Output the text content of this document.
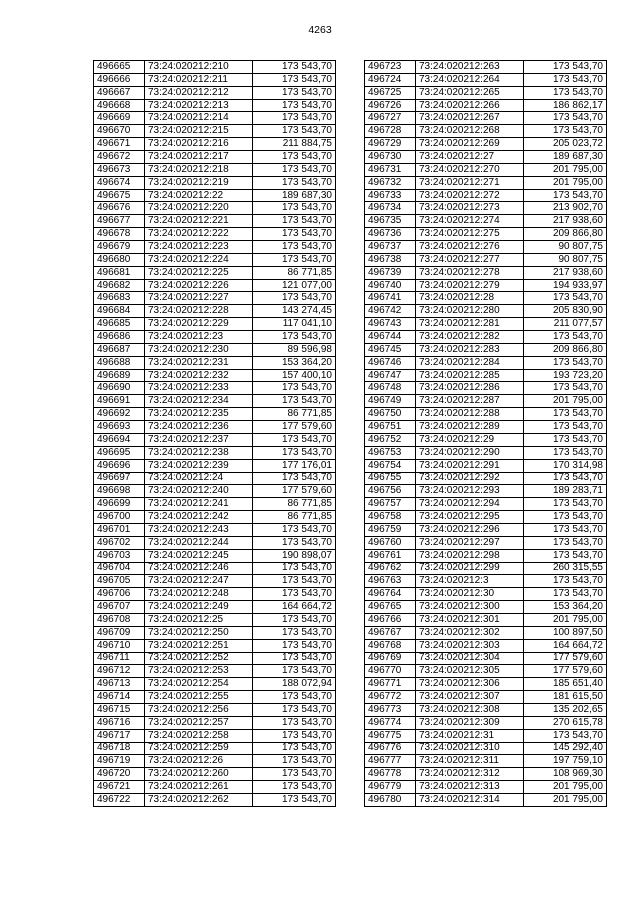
4263
496665	73:24:020212:210	173 543,70
496666	73:24:020212:211	173 543,70
496667	73:24:020212:212	173 543,70
496668	73:24:020212:213	173 543,70
496669	73:24:020212:214	173 543,70
496670	73:24:020212:215	173 543,70
496671	73:24:020212:216	211 884,75
496672	73:24:020212:217	173 543,70
496673	73:24:020212:218	173 543,70
496674	73:24:020212:219	173 543,70
496675	73:24:020212:22	189 687,30
496676	73:24:020212:220	173 543,70
496677	73:24:020212:221	173 543,70
496678	73:24:020212:222	173 543,70
496679	73:24:020212:223	173 543,70
496680	73:24:020212:224	173 543,70
496681	73:24:020212:225	86 771,85
496682	73:24:020212:226	121 077,00
496683	73:24:020212:227	173 543,70
496684	73:24:020212:228	143 274,45
496685	73:24:020212:229	117 041,10
496686	73:24:020212:23	173 543,70
496687	73:24:020212:230	89 596,98
496688	73:24:020212:231	153 364,20
496689	73:24:020212:232	157 400,10
496690	73:24:020212:233	173 543,70
496691	73:24:020212:234	173 543,70
496692	73:24:020212:235	86 771,85
496693	73:24:020212:236	177 579,60
496694	73:24:020212:237	173 543,70
496695	73:24:020212:238	173 543,70
496696	73:24:020212:239	177 176,01
496697	73:24:020212:24	173 543,70
496698	73:24:020212:240	177 579,60
496699	73:24:020212:241	86 771,85
496700	73:24:020212:242	86 771,85
496701	73:24:020212:243	173 543,70
496702	73:24:020212:244	173 543,70
496703	73:24:020212:245	190 898,07
496704	73:24:020212:246	173 543,70
496705	73:24:020212:247	173 543,70
496706	73:24:020212:248	173 543,70
496707	73:24:020212:249	164 664,72
496708	73:24:020212:25	173 543,70
496709	73:24:020212:250	173 543,70
496710	73:24:020212:251	173 543,70
496711	73:24:020212:252	173 543,70
496712	73:24:020212:253	173 543,70
496713	73:24:020212:254	188 072,94
496714	73:24:020212:255	173 543,70
496715	73:24:020212:256	173 543,70
496716	73:24:020212:257	173 543,70
496717	73:24:020212:258	173 543,70
496718	73:24:020212:259	173 543,70
496719	73:24:020212:26	173 543,70
496720	73:24:020212:260	173 543,70
496721	73:24:020212:261	173 543,70
496722	73:24:020212:262	173 543,70
496723	73:24:020212:263	173 543,70
496724	73:24:020212:264	173 543,70
496725	73:24:020212:265	173 543,70
496726	73:24:020212:266	186 862,17
496727	73:24:020212:267	173 543,70
496728	73:24:020212:268	173 543,70
496729	73:24:020212:269	205 023,72
496730	73:24:020212:27	189 687,30
496731	73:24:020212:270	201 795,00
496732	73:24:020212:271	201 795,00
496733	73:24:020212:272	173 543,70
496734	73:24:020212:273	213 902,70
496735	73:24:020212:274	217 938,60
496736	73:24:020212:275	209 866,80
496737	73:24:020212:276	90 807,75
496738	73:24:020212:277	90 807,75
496739	73:24:020212:278	217 938,60
496740	73:24:020212:279	194 933,97
496741	73:24:020212:28	173 543,70
496742	73:24:020212:280	205 830,90
496743	73:24:020212:281	211 077,57
496744	73:24:020212:282	173 543,70
496745	73:24:020212:283	209 866,80
496746	73:24:020212:284	173 543,70
496747	73:24:020212:285	193 723,20
496748	73:24:020212:286	173 543,70
496749	73:24:020212:287	201 795,00
496750	73:24:020212:288	173 543,70
496751	73:24:020212:289	173 543,70
496752	73:24:020212:29	173 543,70
496753	73:24:020212:290	173 543,70
496754	73:24:020212:291	170 314,98
496755	73:24:020212:292	173 543,70
496756	73:24:020212:293	189 283,71
496757	73:24:020212:294	173 543,70
496758	73:24:020212:295	173 543,70
496759	73:24:020212:296	173 543,70
496760	73:24:020212:297	173 543,70
496761	73:24:020212:298	173 543,70
496762	73:24:020212:299	260 315,55
496763	73:24:020212:3	173 543,70
496764	73:24:020212:30	173 543,70
496765	73:24:020212:300	153 364,20
496766	73:24:020212:301	201 795,00
496767	73:24:020212:302	100 897,50
496768	73:24:020212:303	164 664,72
496769	73:24:020212:304	177 579,60
496770	73:24:020212:305	177 579,60
496771	73:24:020212:306	185 651,40
496772	73:24:020212:307	181 615,50
496773	73:24:020212:308	135 202,65
496774	73:24:020212:309	270 615,78
496775	73:24:020212:31	173 543,70
496776	73:24:020212:310	145 292,40
496777	73:24:020212:311	197 759,10
496778	73:24:020212:312	108 969,30
496779	73:24:020212:313	201 795,00
496780	73:24:020212:314	201 795,00
